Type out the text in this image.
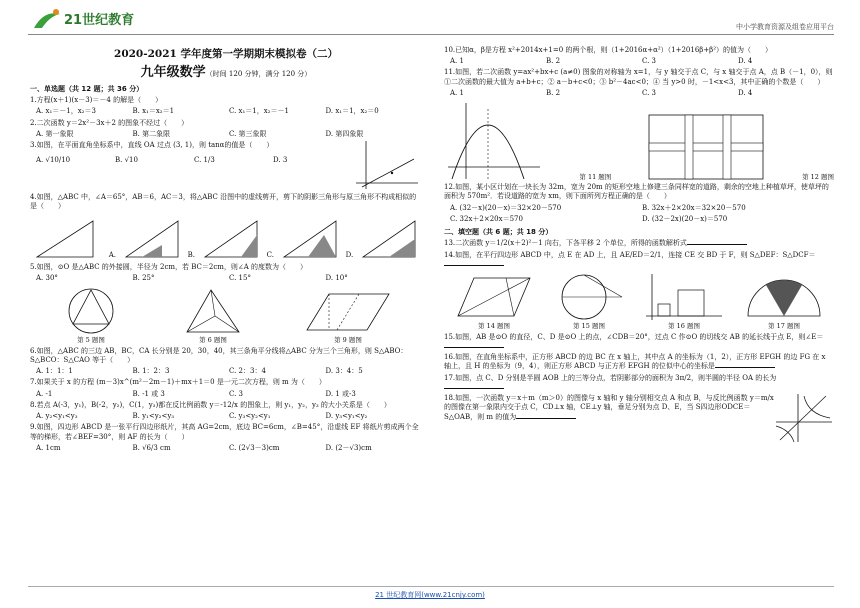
21世纪教育	中小学教育资源及组卷应用平台
2020-2021 学年度第一学期期末模拟卷（二）
九年级数学（时间 120 分钟，满分 120 分）
一、单选题（共 12 题；共 36 分）
1.方程(x＋1)(x－3)＝－4 的解是（　　）
A. x₁＝－1，x₂＝3	B. x₁＝x₂＝1	C. x₁＝1，x₂＝－1	D. x₁＝1，x₂＝0
2.二次函数 y＝2x²－3x＋2 的图象不经过（　　）
A. 第一象限	B. 第二象限	C. 第三象限	D. 第四象限
3.如图，在平面直角坐标系中，直线 OA 过点 (3, 1)，则 tanα的值是（　　）
A. √10/10	B. √10	C. 1/3	D. 3
4.如图，△ABC 中，∠A＝65°，AB＝6，AC＝3，将△ABC 沿图中的虚线剪开，剪下的阴影三角形与原三角形不构成相似的是（　　）
A.	B.	C.	D.
5.如图，⊙O 是△ABC 的外接圆，半径为 2cm，若 BC＝2cm，则∠A 的度数为（　　）
A. 30°	B. 25°	C. 15°	D. 10°
第 5 题图	第 6 题图	第 9 题图
6.如图，△ABC 的三边 AB，BC，CA 长分别是 20，30，40，其三条角平分线将△ABC 分为三个三角形，则 S△ABO：S△BCO：S△CAO 等于（　　）
A. 1：1：1	B. 1：2：3	C. 2：3：4	D. 3：4：5
7.如果关于 x 的方程 (m－3)x^(m²－2m－1)＋mx＋1＝0 是一元二次方程，则 m 为（　　）
A. -1	B. -1 或 3	C. 3	D. 1 或-3
8.若点 A(-3，y₁)，B(-2，y₂)，C(1，y₃)都在反比例函数 y＝-12/x 的图象上，则 y₁，y₂，y₃ 的大小关系是（　　）
A. y₂<y₁<y₃	B. y₁<y₂<y₃	C. y₃<y₂<y₁	D. y₃<y₁<y₂
9.如图，四边形 ABCD 是一张平行四边形纸片，其高 AG=2cm，底边 BC=6cm，∠B=45°，沿虚线 EF 将纸片剪成两个全等的梯形，若∠BEF=30°，则 AF 的长为（　　）
A. 1cm	B. √6/3 cm	C. (2√3－3)cm	D. (2－√3)cm
10.已知α，β是方程 x²+2014x+1=0 的两个根，则（1+2016α+α²）（1+2016β+β²）的值为（　　）
A. 1	B. 2	C. 3	D. 4
11.如图，若二次函数 y=ax²+bx+c (a≠0) 图象的对称轴为 x=1，与 y 轴交于点 C，与 x 轴交于点 A，点 B（－1，0），则①二次函数的最大值为 a+b+c；② a－b+c<0；③ b²－4ac<0；④ 当 y>0 时，－1<x<3，其中正确的个数是（　　）
A. 1	B. 2	C. 3	D. 4
第 11 题图	第 12 题图
12.如图，某小区计划在一块长为 32m，宽为 20m 的矩形空地上修建三条同样宽的道路，剩余的空地上种植草坪，使草坪的面积为 570m²．若设道路的宽为 xm，则下面所列方程正确的是（　　）
A. (32－x)(20－x)＝32×20－570	B. 32x＋2×20x＝32×20－570
C. 32x＋2×20x＝570	D. (32－2x)(20－x)＝570
二、填空题（共 6 题；共 18 分）
13.二次函数 y＝1/2(x＋2)²－1 向右，下各平移 2 个单位，所得的函数解析式
14.如图，在平行四边形 ABCD 中，点 E 在 AD 上，且 AE/ED＝2/1，连接 CE 交 BD 于 F，则 S△DEF：S△DCF＝
第 14 题图	第 15 题图	第 16 题图	第 17 题图
15.如图，AB 是⊙O 的直径，C、D 是⊙O 上的点，∠CDB＝20°，过点 C 作⊙O 的切线交 AB 的延长线于点 E，则∠E＝
16.如图，在直角坐标系中，正方形 ABCD 的边 BC 在 x 轴上，其中点 A 的坐标为（1，2），正方形 EFGH 的边 FG 在 x 轴上，且 H 的坐标为（9，4），则正方形 ABCD 与正方形 EFGH 的位似中心的坐标是
17.如图，点 C、D 分别是半圆 AOB 上的三等分点，若阴影部分的面积为 3π/2，则半圆的半径 OA 的长为
18.如图，一次函数 y＝x＋m（m＞0）的图像与 x 轴和 y 轴分别相交点 A 和点 B，与反比例函数 y＝m/x 的图像在第一象限内交于点 C，CD⊥x 轴，CE⊥y 轴，垂足分别为点 D、E，当 S四边形ODCE＝S△OAB，则 m 的值为
21 世纪教育网(www.21cnjy.com)
